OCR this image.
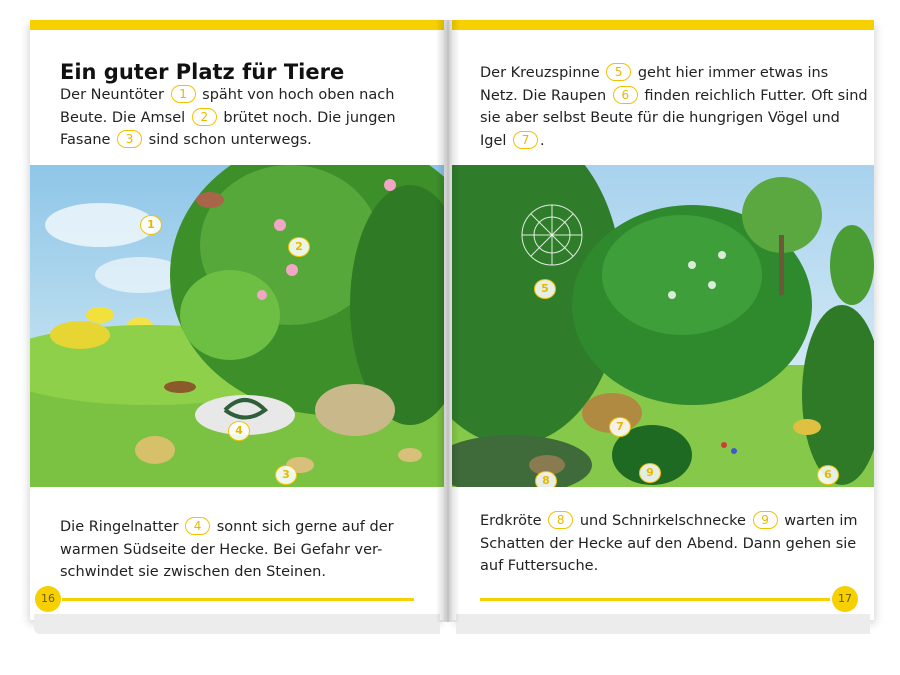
Ein guter Platz für Tiere

Der Neuntöter 1 späht von hoch oben nach Beute. Die Amsel 2 brütet noch. Die jungen Fasane 3 sind schon unterwegs.

1
2
3
4

Die Ringelnatter 4 sonnt sich gerne auf der warmen Südseite der Hecke. Bei Gefahr ver-schwindet sie zwischen den Steinen.

16

Der Kreuzspinne 5 geht hier immer etwas ins Netz. Die Raupen 6 finden reichlich Futter. Oft sind sie aber selbst Beute für die hungrigen Vögel und Igel 7 .

5
6
7
8
9

Erdkröte 8 und Schnirkelschnecke 9 warten im Schatten der Hecke auf den Abend. Dann gehen sie auf Futtersuche.

17
